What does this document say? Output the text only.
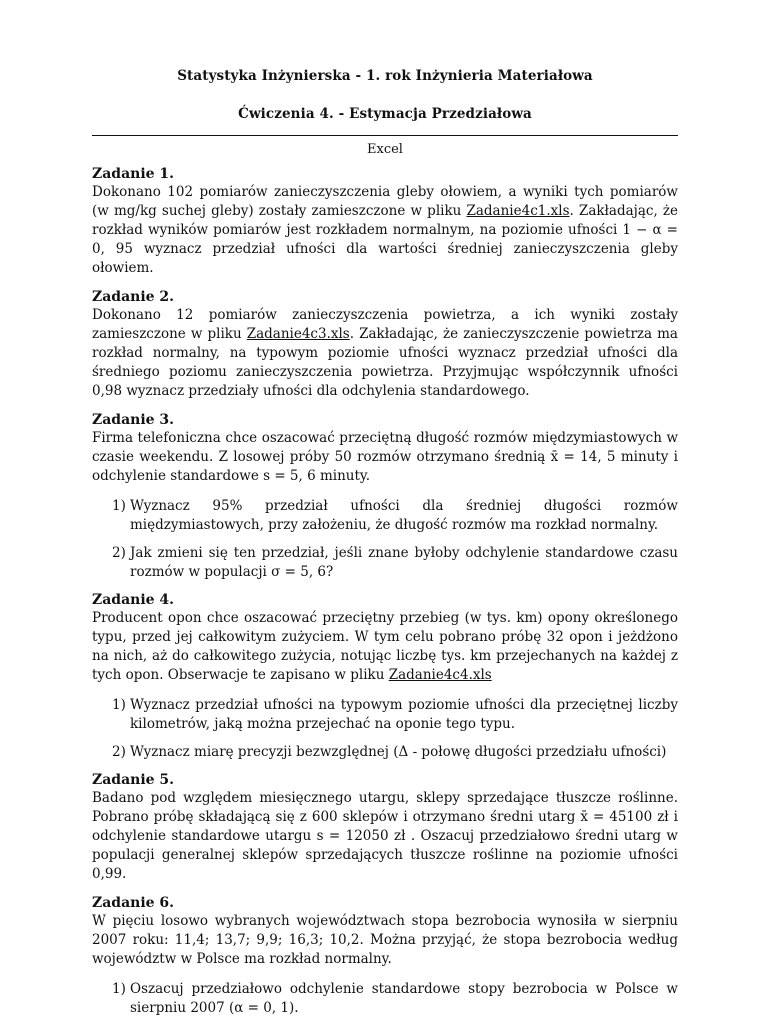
Statystyka Inżynierska - 1. rok Inżynieria Materiałowa
Ćwiczenia 4. - Estymacja Przedziałowa
Excel
Zadanie 1.

Dokonano 102 pomiarów zanieczyszczenia gleby ołowiem, a wyniki tych pomiarów (w mg/kg suchej gleby) zostały zamieszczone w pliku Zadanie4c1.xls. Zakładając, że rozkład wyników pomiarów jest rozkładem normalnym, na poziomie ufności 1 − α = 0, 95 wyznacz przedział ufności dla wartości średniej zanieczyszczenia gleby ołowiem.

Zadanie 2.

Dokonano 12 pomiarów zanieczyszczenia powietrza, a ich wyniki zostały zamieszczone w pliku Zadanie4c3.xls. Zakładając, że zanieczyszczenie powietrza ma rozkład normalny, na typowym poziomie ufności wyznacz przedział ufności dla średniego poziomu zanieczyszczenia powietrza. Przyjmując współczynnik ufności 0,98 wyznacz przedziały ufności dla odchylenia standardowego.

Zadanie 3.

Firma telefoniczna chce oszacować przeciętną długość rozmów międzymiastowych w czasie weekendu. Z losowej próby 50 rozmów otrzymano średnią x̄ = 14, 5 minuty i odchylenie standardowe s = 5, 6 minuty.

1) Wyznacz 95% przedział ufności dla średniej długości rozmów międzymiastowych, przy założeniu, że długość rozmów ma rozkład normalny.
2) Jak zmieni się ten przedział, jeśli znane byłoby odchylenie standardowe czasu rozmów w populacji σ = 5, 6?
Zadanie 4.

Producent opon chce oszacować przeciętny przebieg (w tys. km) opony określonego typu, przed jej całkowitym zużyciem. W tym celu pobrano próbę 32 opon i jeżdżono na nich, aż do całkowitego zużycia, notując liczbę tys. km przejechanych na każdej z tych opon. Obserwacje te zapisano w pliku Zadanie4c4.xls

1) Wyznacz przedział ufności na typowym poziomie ufności dla przeciętnej liczby kilometrów, jaką można przejechać na oponie tego typu.
2) Wyznacz miarę precyzji bezwzględnej (Δ - połowę długości przedziału ufności)
Zadanie 5.

Badano pod względem miesięcznego utargu, sklepy sprzedające tłuszcze roślinne. Pobrano próbę składającą się z 600 sklepów i otrzymano średni utarg x̄ = 45100 zł i odchylenie standardowe utargu s = 12050 zł . Oszacuj przedziałowo średni utarg w populacji generalnej sklepów sprzedających tłuszcze roślinne na poziomie ufności 0,99.

Zadanie 6.

W pięciu losowo wybranych województwach stopa bezrobocia wynosiła w sierpniu 2007 roku: 11,4; 13,7; 9,9; 16,3; 10,2. Można przyjąć, że stopa bezrobocia według województw w Polsce ma rozkład normalny.

1) Oszacuj przedziałowo odchylenie standardowe stopy bezrobocia w Polsce w sierpniu 2007 (α = 0, 1).
